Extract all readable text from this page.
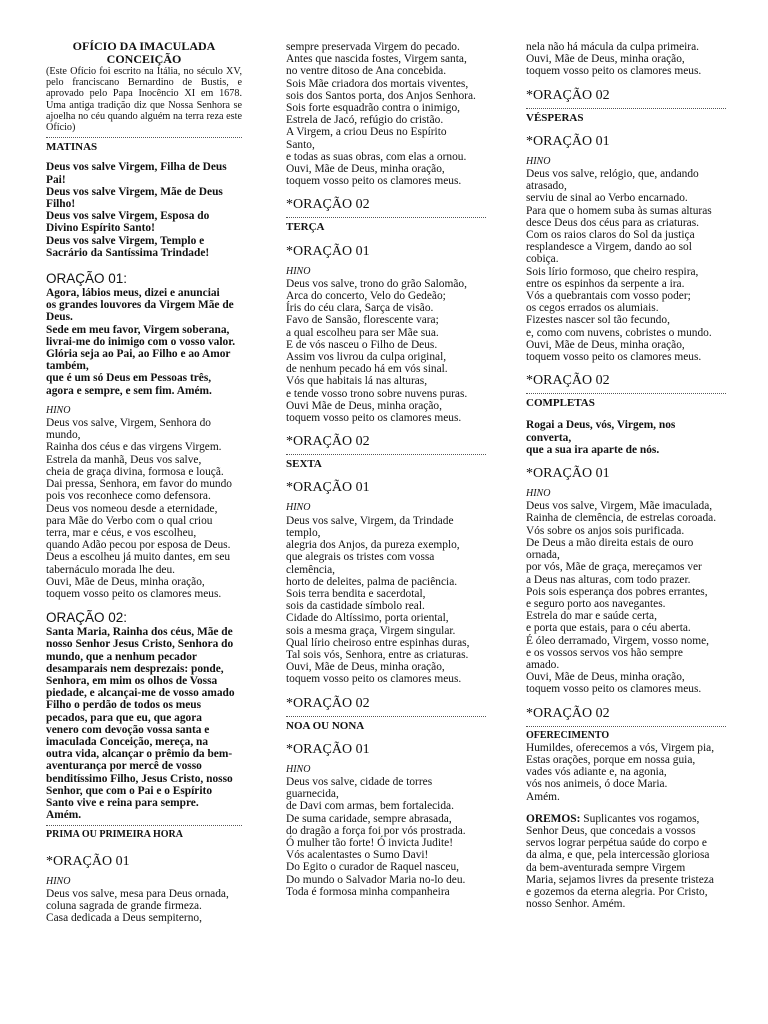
OFÍCIO DA IMACULADA
CONCEIÇÃO
(Este Ofício foi escrito na Itália, no século XV, pelo franciscano Bernardino de Bustis, e aprovado pelo Papa Inocêncio XI em 1678. Uma antiga tradição diz que Nossa Senhora se ajoelha no céu quando alguém na terra reza este Ofício)
MATINAS
Deus vos salve Virgem, Filha de Deus
Pai!
Deus vos salve Virgem, Mãe de Deus
Filho!
Deus vos salve Virgem, Esposa do
Divino Espírito Santo!
Deus vos salve Virgem, Templo e
Sacrário da Santíssima Trindade!
ORAÇÃO 01:
Agora, lábios meus, dizei e anunciai
os grandes louvores da Virgem Mãe de
Deus.
Sede em meu favor, Virgem soberana,
livrai-me do inimigo com o vosso valor.
Glória seja ao Pai, ao Filho e ao Amor
também,
que é um só Deus em Pessoas três,
agora e sempre, e sem fim. Amém.
HINO
Deus vos salve, Virgem, Senhora do
mundo,
Rainha dos céus e das virgens Virgem.
Estrela da manhã, Deus vos salve,
cheia de graça divina, formosa e louçã.
Dai pressa, Senhora, em favor do mundo
pois vos reconhece como defensora.
Deus vos nomeou desde a eternidade,
para Mãe do Verbo com o qual criou
terra, mar e céus, e vos escolheu,
quando Adão pecou por esposa de Deus.
Deus a escolheu já muito dantes, em seu
tabernáculo morada lhe deu.
Ouvi, Mãe de Deus, minha oração,
toquem vosso peito os clamores meus.
ORAÇÃO 02:
Santa Maria, Rainha dos céus, Mãe de
nosso Senhor Jesus Cristo, Senhora do
mundo, que a nenhum pecador
desamparais nem desprezais: ponde,
Senhora, em mim os olhos de Vossa
piedade, e alcançai-me de vosso amado
Filho o perdão de todos os meus
pecados, para que eu, que agora
venero com devoção vossa santa e
imaculada Conceição, mereça, na
outra vida, alcançar o prêmio da bem-
aventurança por mercê de vosso
benditíssimo Filho, Jesus Cristo, nosso
Senhor, que com o Pai e o Espírito
Santo vive e reina para sempre.
Amém.
PRIMA OU PRIMEIRA HORA
*ORAÇÃO 01
HINO
Deus vos salve, mesa para Deus ornada,
coluna sagrada de grande firmeza.
Casa dedicada a Deus sempiterno,
sempre preservada Virgem do pecado.
Antes que nascida fostes, Virgem santa,
no ventre ditoso de Ana concebida.
Sois Mãe criadora dos mortais viventes,
sois dos Santos porta, dos Anjos Senhora.
Sois forte esquadrão contra o inimigo,
Estrela de Jacó, refúgio do cristão.
A Virgem, a criou Deus no Espírito
Santo,
e todas as suas obras, com elas a ornou.
Ouvi, Mãe de Deus, minha oração,
toquem vosso peito os clamores meus.
*ORAÇÃO 02
TERÇA
*ORAÇÃO 01
HINO
Deus vos salve, trono do grão Salomão,
Arca do concerto, Velo do Gedeão;
Íris do céu clara, Sarça de visão.
Favo de Sansão, florescente vara;
a qual escolheu para ser Mãe sua.
E de vós nasceu o Filho de Deus.
Assim vos livrou da culpa original,
de nenhum pecado há em vós sinal.
Vós que habitais lá nas alturas,
e tende vosso trono sobre nuvens puras.
Ouvi Mãe de Deus, minha oração,
toquem vosso peito os clamores meus.
*ORAÇÃO 02
SEXTA
*ORAÇÃO 01
HINO
Deus vos salve, Virgem, da Trindade
templo,
alegria dos Anjos, da pureza exemplo,
que alegrais os tristes com vossa
clemência,
horto de deleites, palma de paciência.
Sois terra bendita e sacerdotal,
sois da castidade símbolo real.
Cidade do Altíssimo, porta oriental,
sois a mesma graça, Virgem singular.
Qual lírio cheiroso entre espinhas duras,
Tal sois vós, Senhora, entre as criaturas.
Ouvi, Mãe de Deus, minha oração,
toquem vosso peito os clamores meus.
*ORAÇÃO 02
NOA OU NONA
*ORAÇÃO 01
HINO
Deus vos salve, cidade de torres
guarnecida,
de Davi com armas, bem fortalecida.
De suma caridade, sempre abrasada,
do dragão a força foi por vós prostrada.
Ó mulher tão forte! Ó invicta Judite!
Vós acalentastes o Sumo Davi!
Do Egito o curador de Raquel nasceu,
Do mundo o Salvador Maria no-lo deu.
Toda é formosa minha companheira
nela não há mácula da culpa primeira.
Ouvi, Mãe de Deus, minha oração,
toquem vosso peito os clamores meus.
*ORAÇÃO 02
VÉSPERAS
*ORAÇÃO 01
HINO
Deus vos salve, relógio, que, andando
atrasado,
serviu de sinal ao Verbo encarnado.
Para que o homem suba às sumas alturas
desce Deus dos céus para as criaturas.
Com os raios claros do Sol da justiça
resplandesce a Virgem, dando ao sol
cobiça.
Sois lírio formoso, que cheiro respira,
entre os espinhos da serpente a ira.
Vós a quebrantais com vosso poder;
os cegos errados os alumiais.
Fizestes nascer sol tão fecundo,
e, como com nuvens, cobristes o mundo.
Ouvi, Mãe de Deus, minha oração,
toquem vosso peito os clamores meus.
*ORAÇÃO 02
COMPLETAS
Rogai a Deus, vós, Virgem, nos
converta,
que a sua ira aparte de nós.
*ORAÇÃO 01
HINO
Deus vos salve, Virgem, Mãe imaculada,
Rainha de clemência, de estrelas coroada.
Vós sobre os anjos sois purificada.
De Deus a mão direita estais de ouro
ornada,
por vós, Mãe de graça, mereçamos ver
a Deus nas alturas, com todo prazer.
Pois sois esperança dos pobres errantes,
e seguro porto aos navegantes.
Estrela do mar e saúde certa,
e porta que estais, para o céu aberta.
É óleo derramado, Virgem, vosso nome,
e os vossos servos vos hão sempre
amado.
Ouvi, Mãe de Deus, minha oração,
toquem vosso peito os clamores meus.
*ORAÇÃO 02
OFERECIMENTO
Humildes, oferecemos a vós, Virgem pia,
Estas orações, porque em nossa guia,
vades vós adiante e, na agonia,
vós nos animeis, ó doce Maria.
Amém.
OREMOS: Suplicantes vos rogamos,
Senhor Deus, que concedais a vossos
servos lograr perpétua saúde do corpo e
da alma, e que, pela intercessão gloriosa
da bem-aventurada sempre Virgem
Maria, sejamos livres da presente tristeza
e gozemos da eterna alegria. Por Cristo,
nosso Senhor. Amém.
